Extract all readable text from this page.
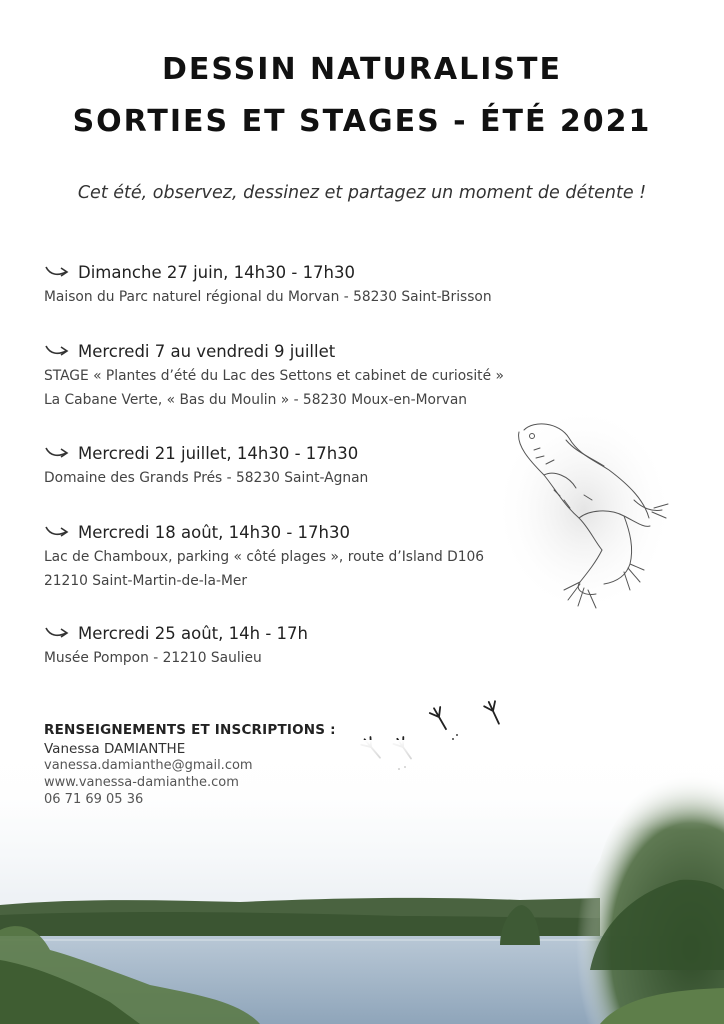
DESSIN NATURALISTE
SORTIES ET STAGES - ÉTÉ 2021
Cet été, observez, dessinez et partagez un moment de détente !
Dimanche 27 juin, 14h30 - 17h30
Maison du Parc naturel régional du Morvan - 58230 Saint-Brisson
Mercredi 7 au vendredi 9 juillet
STAGE « Plantes d’été du Lac des Settons et cabinet de curiosité »
La Cabane Verte, « Bas du Moulin » - 58230 Moux-en-Morvan
Mercredi 21 juillet, 14h30 - 17h30
Domaine des Grands Prés - 58230 Saint-Agnan
Mercredi 18 août, 14h30 - 17h30
Lac de Chamboux, parking « côté plages », route d’Island D106
21210 Saint-Martin-de-la-Mer
Mercredi 25 août, 14h - 17h
Musée Pompon - 21210 Saulieu
RENSEIGNEMENTS ET INSCRIPTIONS :
Vanessa DAMIANTHE
vanessa.damianthe@gmail.com
www.vanessa-damianthe.com
06 71 69 05 36
